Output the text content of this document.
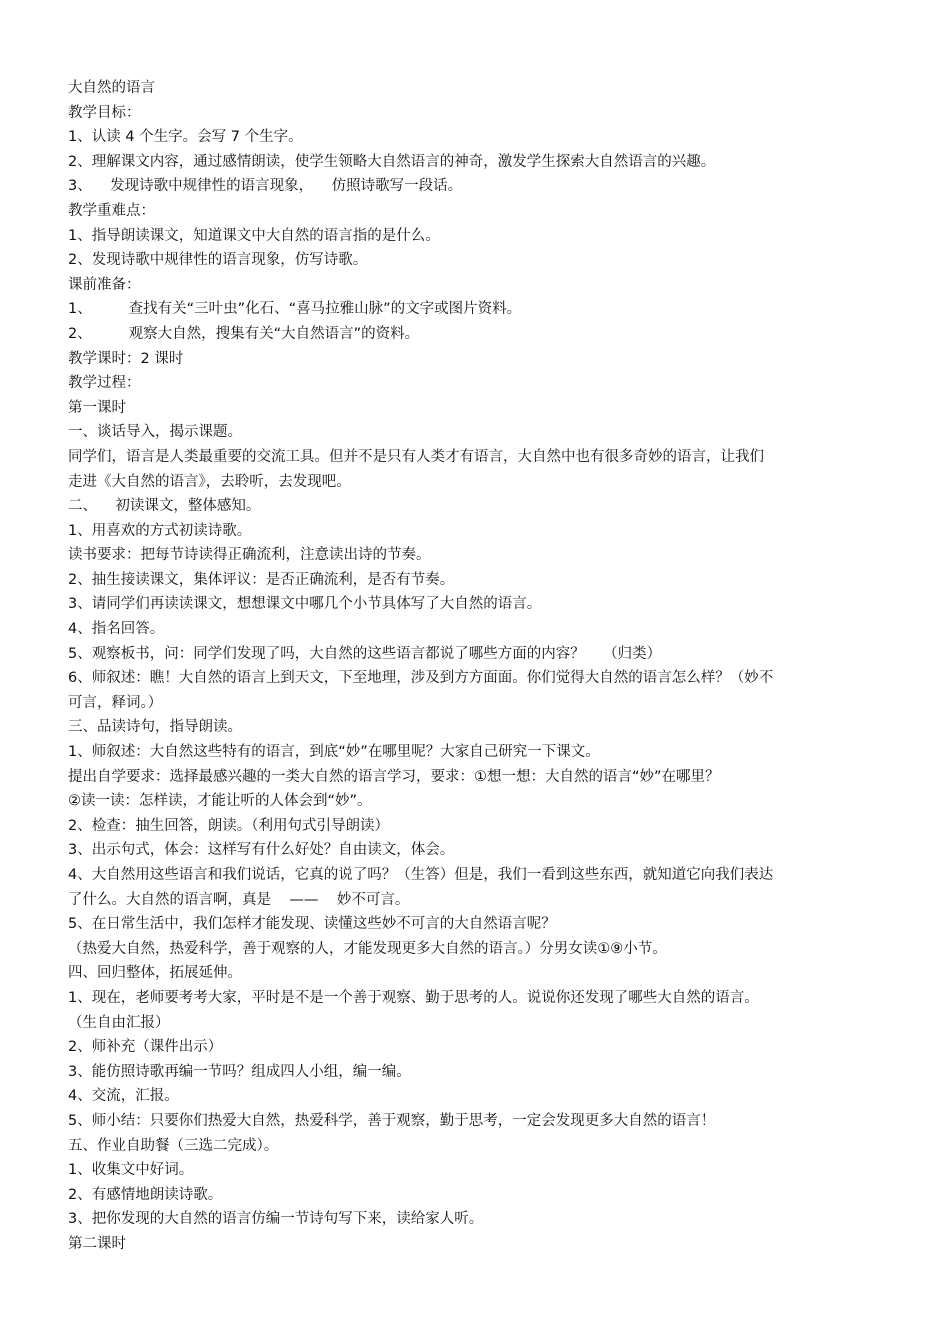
大自然的语言
教学目标：
1、认读 4 个生字。会写 7 个生字。
2、理解课文内容，通过感情朗读，使学生领略大自然语言的神奇，激发学生探索大自然语言的兴趣。
3、    发现诗歌中规律性的语言现象，    仿照诗歌写一段话。
教学重难点：
1、指导朗读课文，知道课文中大自然的语言指的是什么。
2、发现诗歌中规律性的语言现象，仿写诗歌。
课前准备：
1、        查找有关“三叶虫”化石、“喜马拉雅山脉”的文字或图片资料。
2、        观察大自然，搜集有关“大自然语言”的资料。
教学课时：2 课时
教学过程：
第一课时
一、谈话导入，揭示课题。
同学们，语言是人类最重要的交流工具。但并不是只有人类才有语言，大自然中也有很多奇妙的语言，让我们
走进《大自然的语言》，去聆听，去发现吧。
二、    初读课文，整体感知。
1、用喜欢的方式初读诗歌。
读书要求：把每节诗读得正确流利，注意读出诗的节奏。
2、抽生接读课文，集体评议：是否正确流利，是否有节奏。
3、请同学们再读读课文，想想课文中哪几个小节具体写了大自然的语言。
4、指名回答。
5、观察板书，问：同学们发现了吗，大自然的这些语言都说了哪些方面的内容？    （归类）
6、师叙述：瞧！大自然的语言上到天文，下至地理，涉及到方方面面。你们觉得大自然的语言怎么样？（妙不
可言，释词。）
三、品读诗句，指导朗读。
1、师叙述：大自然这些特有的语言，到底“妙”在哪里呢？大家自己研究一下课文。
提出自学要求：选择最感兴趣的一类大自然的语言学习，要求：①想一想：大自然的语言“妙”在哪里？
②读一读：怎样读，才能让听的人体会到“妙”。
2、检查：抽生回答，朗读。（利用句式引导朗读）
3、出示句式，体会：这样写有什么好处？自由读文，体会。
4、大自然用这些语言和我们说话，它真的说了吗？（生答）但是，我们一看到这些东西，就知道它向我们表达
了什么。大自然的语言啊，真是    ——    妙不可言。
5、在日常生活中，我们怎样才能发现、读懂这些妙不可言的大自然语言呢？
（热爱大自然，热爱科学，善于观察的人，才能发现更多大自然的语言。）分男女读①⑨小节。
四、回归整体，拓展延伸。
1、现在，老师要考考大家，平时是不是一个善于观察、勤于思考的人。说说你还发现了哪些大自然的语言。
（生自由汇报）
2、师补充（课件出示）
3、能仿照诗歌再编一节吗？组成四人小组，编一编。
4、交流，汇报。
5、师小结：只要你们热爱大自然，热爱科学，善于观察，勤于思考，一定会发现更多大自然的语言！
五、作业自助餐（三选二完成）。
1、收集文中好词。
2、有感情地朗读诗歌。
3、把你发现的大自然的语言仿编一节诗句写下来，读给家人听。
第二课时
